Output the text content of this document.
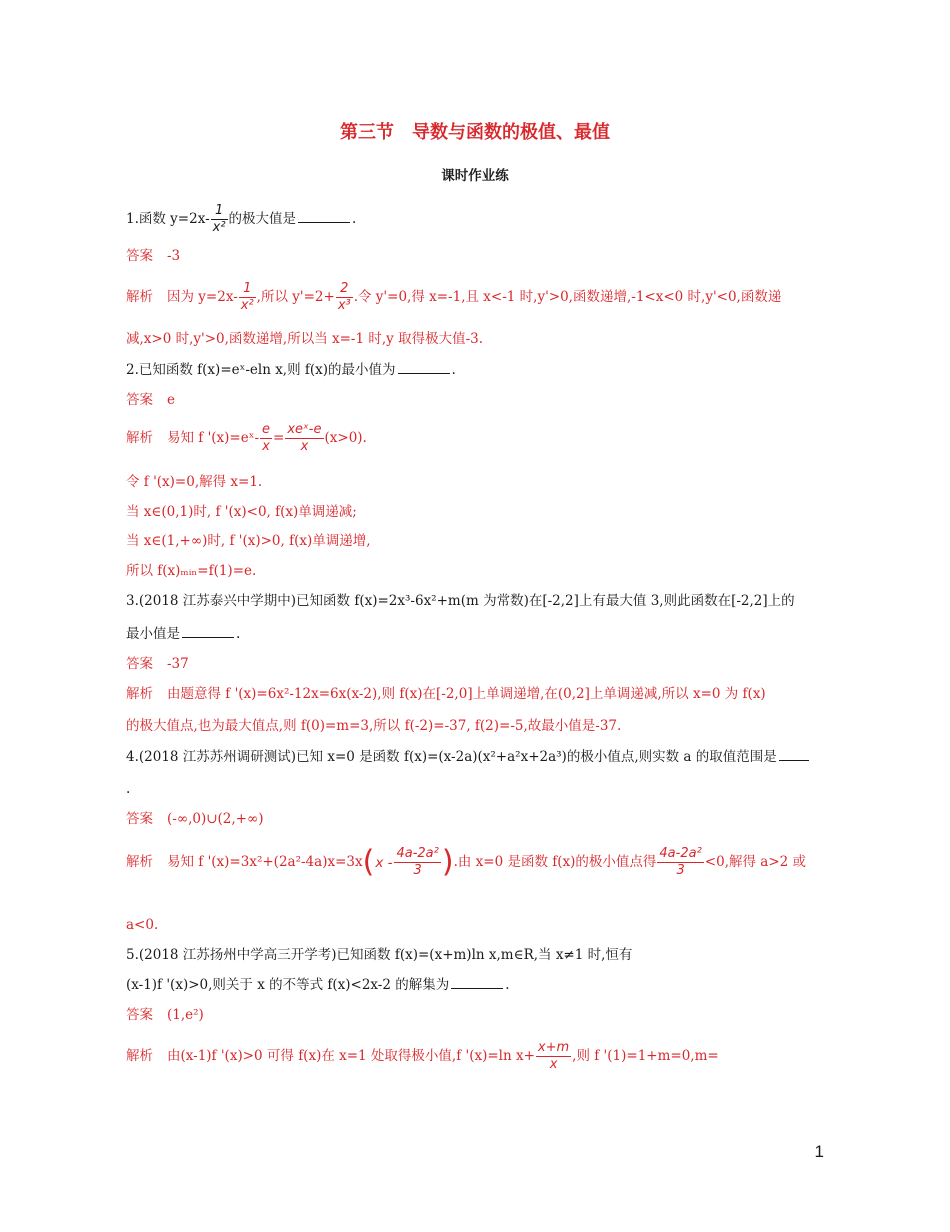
第三节　导数与函数的极值、最值
课时作业练
1.函数 $y=2x- \frac{1}{\text{x²}}$ 的极大值是	.
答案 -3
解析 因为 $y=2x- \frac{1}{\text{x²}}$ ,所以 $y'=2+ \frac{2}{\text{x³}}$ .令 y'=0,得 x=-1,且 x<-1 时,y'>0,函数递增,-1<x<0 时,y'<0,函数递
减,x>0 时,y'>0,函数递增,所以当 x=-1 时,y 取得极大值-3.
2.已知函数 f(x)=eˣ-eln x,则 f(x)的最小值为	.
答案 e
解析 易知 f '(x)=eˣ- $\frac{e}{x} = \frac{\text{xeˣ-e}}{x} (x>0)$.
令 f '(x)=0,解得 x=1.
当 x∈(0,1)时, f '(x)<0, f(x)单调递减;
当 x∈(1,+∞)时, f '(x)>0, f(x)单调递增,
所以 f(x)ₘᵢₙ=f(1)=e.
3.(2018 江苏泰兴中学期中)已知函数 f(x)=2x³-6x²+m(m 为常数)在[-2,2]上有最大值 3,则此函数在[-2,2]上的
最小值是	.
答案 -37
解析 由题意得 f '(x)=6x²-12x=6x(x-2),则 f(x)在[-2,0]上单调递增,在(0,2]上单调递减,所以 x=0 为 f(x)
的极大值点,也为最大值点,则 f(0)=m=3,所以 f(-2)=-37, f(2)=-5,故最小值是-37.
4.(2018 江苏苏州调研测试)已知 x=0 是函数 f(x)=(x-2a)(x²+a²x+2a³)的极小值点,则实数 a 的取值范围是
.
答案 (-∞,0)∪(2,+∞)
解析 易知 f '$(x)=3x^2+(2a^2-4a)x=3x(x - \frac{\text{4a-2a²}}{3}$ ).由 x=0 是函数 f(x)的极小值点得 $\frac{\text{4a-2a²}}{3} <0$,解得 a>2 或
a<0.
5.(2018 江苏扬州中学高三开学考)已知函数 f(x)=(x+m)ln x,m∈R,当 x≠1 时,恒有
(x-1)f '(x)>0,则关于 x 的不等式 f(x)<2x-2 的解集为	.
答案 (1,e²)
解析 由(x-1)f '(x)>0 可得 f(x)在 x=1 处取得极小值,f '(x)=ln $x+ \frac{x+m}{x}$ ,则 f '(1)=1+m=0,m=
1
